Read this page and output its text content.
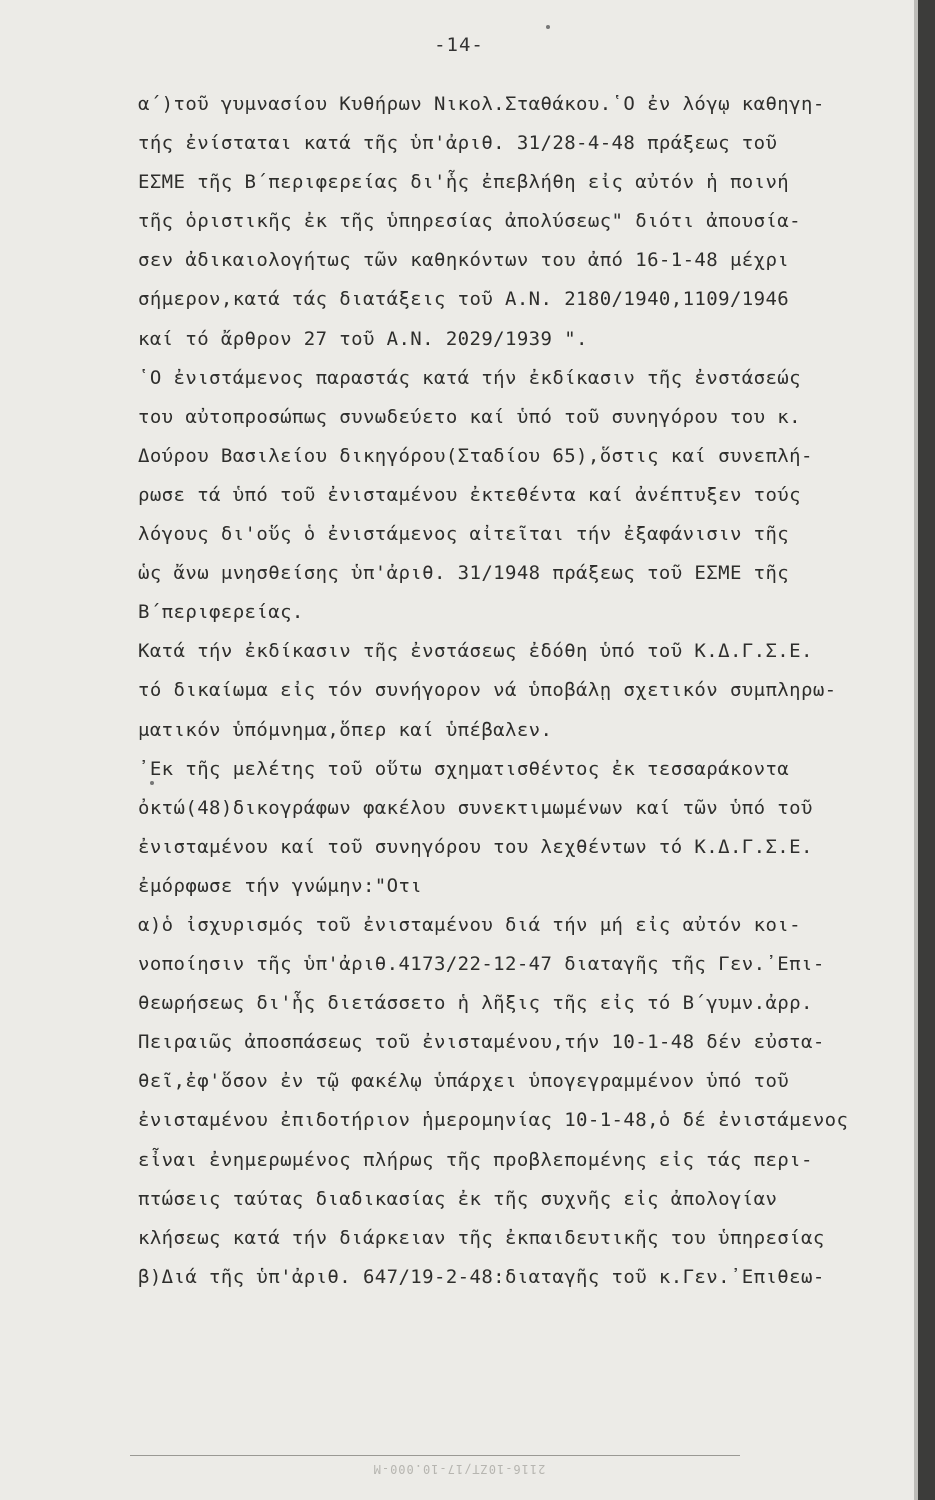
-14-
α΄)τοῦ γυμνασίου Κυθήρων Νικολ.Σταθάκου.῾Ο ἐν λόγῳ καθηγη-
τής ἐνίσταται κατά τῆς ὑπ'ἀριθ. 31/28-4-48 πράξεως τοῦ
ΕΣΜΕ τῆς Β΄περιφερείας δι'ἧς ἐπεβλήθη εἰς αὐτόν ἡ ποινή
τῆς ὁριστικῆς ἐκ τῆς ὑπηρεσίας ἀπολύσεως" διότι ἀπουσία-
σεν ἀδικαιολογήτως τῶν καθηκόντων του ἀπό 16-1-48 μέχρι
σήμερον,κατά τάς διατάξεις τοῦ Α.Ν. 2180/1940,1109/1946
καί τό ἄρθρον 27 τοῦ Α.Ν. 2029/1939 ".
῾Ο ἐνιστάμενος παραστάς κατά τήν ἐκδίκασιν τῆς ἐνστάσεώς
του αὐτοπροσώπως συνωδεύετο καί ὑπό τοῦ συνηγόρου του κ.
Δούρου Βασιλείου δικηγόρου(Σταδίου 65),ὅστις καί συνεπλή-
ρωσε τά ὑπό τοῦ ἐνισταμένου ἐκτεθέντα καί ἀνέπτυξεν τούς
λόγους δι'οὕς ὁ ἐνιστάμενος αἰτεῖται τήν ἐξαφάνισιν τῆς
ὡς ἄνω μνησθείσης ὑπ'ἀριθ. 31/1948 πράξεως τοῦ ΕΣΜΕ τῆς
Β΄περιφερείας.
Κατά τήν ἐκδίκασιν τῆς ἐνστάσεως ἐδόθη ὑπό τοῦ Κ.Δ.Γ.Σ.Ε.
τό δικαίωμα εἰς τόν συνήγορον νά ὑποβάλῃ σχετικόν συμπληρω-
ματικόν ὑπόμνημα,ὅπερ καί ὑπέβαλεν.
᾿Εκ τῆς μελέτης τοῦ οὕτω σχηματισθέντος ἐκ τεσσαράκοντα
ὀκτώ(48)δικογράφων φακέλου συνεκτιμωμένων καί τῶν ὑπό τοῦ
ἐνισταμένου καί τοῦ συνηγόρου του λεχθέντων τό Κ.Δ.Γ.Σ.Ε.
ἐμόρφωσε τήν γνώμην:"Οτι
α)ὁ ἰσχυρισμός τοῦ ἐνισταμένου διά τήν μή εἰς αὐτόν κοι-
νοποίησιν τῆς ὑπ'ἀριθ.4173/22-12-47 διαταγῆς τῆς Γεν.᾿Επι-
θεωρήσεως δι'ἧς διετάσσετο ἡ λῆξις τῆς εἰς τό Β΄γυμν.ἀρρ.
Πειραιῶς ἀποσπάσεως τοῦ ἐνισταμένου,τήν 10-1-48 δέν εὐστα-
θεῖ,ἐφ'ὅσον ἐν τῷ φακέλῳ ὑπάρχει ὑπογεγραμμένον ὑπό τοῦ
ἐνισταμένου ἐπιδοτήριον ἡμερομηνίας 10-1-48,ὁ δέ ἐνιστάμενος
εἶναι ἐνημερωμένος πλήρως τῆς προβλεπομένης εἰς τάς περι-
πτώσεις ταύτας διαδικασίας ἐκ τῆς συχνῆς εἰς ἀπολογίαν
κλήσεως κατά τήν διάρκειαν τῆς ἐκπαιδευτικῆς του ὑπηρεσίας
β)Διά τῆς ὑπ'ἀριθ. 647/19-2-48:διαταγῆς τοῦ κ.Γεν.᾿Επιθεω-
2116-10ΖΤ/17-10.000-Μ
